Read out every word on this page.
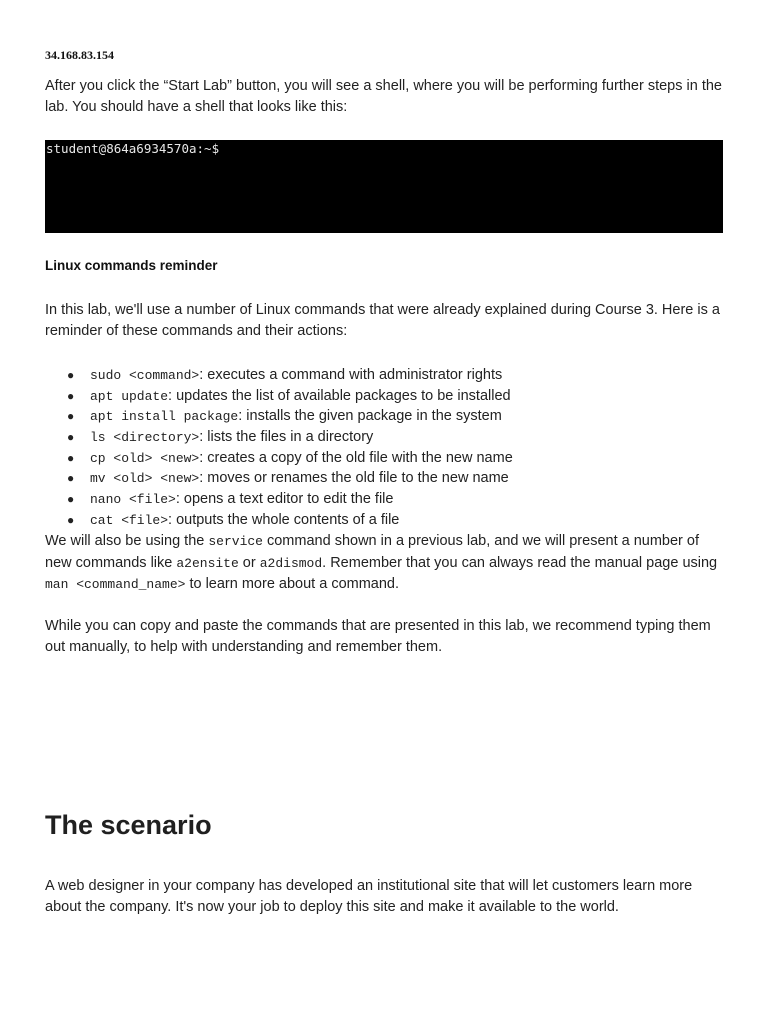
34.168.83.154

After you click the “Start Lab” button, you will see a shell, where you will be performing further steps in the lab. You should have a shell that looks like this:

student@864a6934570a:~$
Linux commands reminder

In this lab, we'll use a number of Linux commands that were already explained during Course 3. Here is a reminder of these commands and their actions:

● sudo <command>: executes a command with administrator rights
● apt update: updates the list of available packages to be installed
● apt install package: installs the given package in the system
● ls <directory>: lists the files in a directory
● cp <old> <new>: creates a copy of the old file with the new name
● mv <old> <new>: moves or renames the old file to the new name
● nano <file>: opens a text editor to edit the file
● cat <file>: outputs the whole contents of a file

We will also be using the service command shown in a previous lab, and we will present a number of new commands like a2ensite or a2dismod. Remember that you can always read the manual page using man <command_name> to learn more about a command.

While you can copy and paste the commands that are presented in this lab, we recommend typing them out manually, to help with understanding and remember them.

The scenario

A web designer in your company has developed an institutional site that will let customers learn more about the company. It's now your job to deploy this site and make it available to the world.
